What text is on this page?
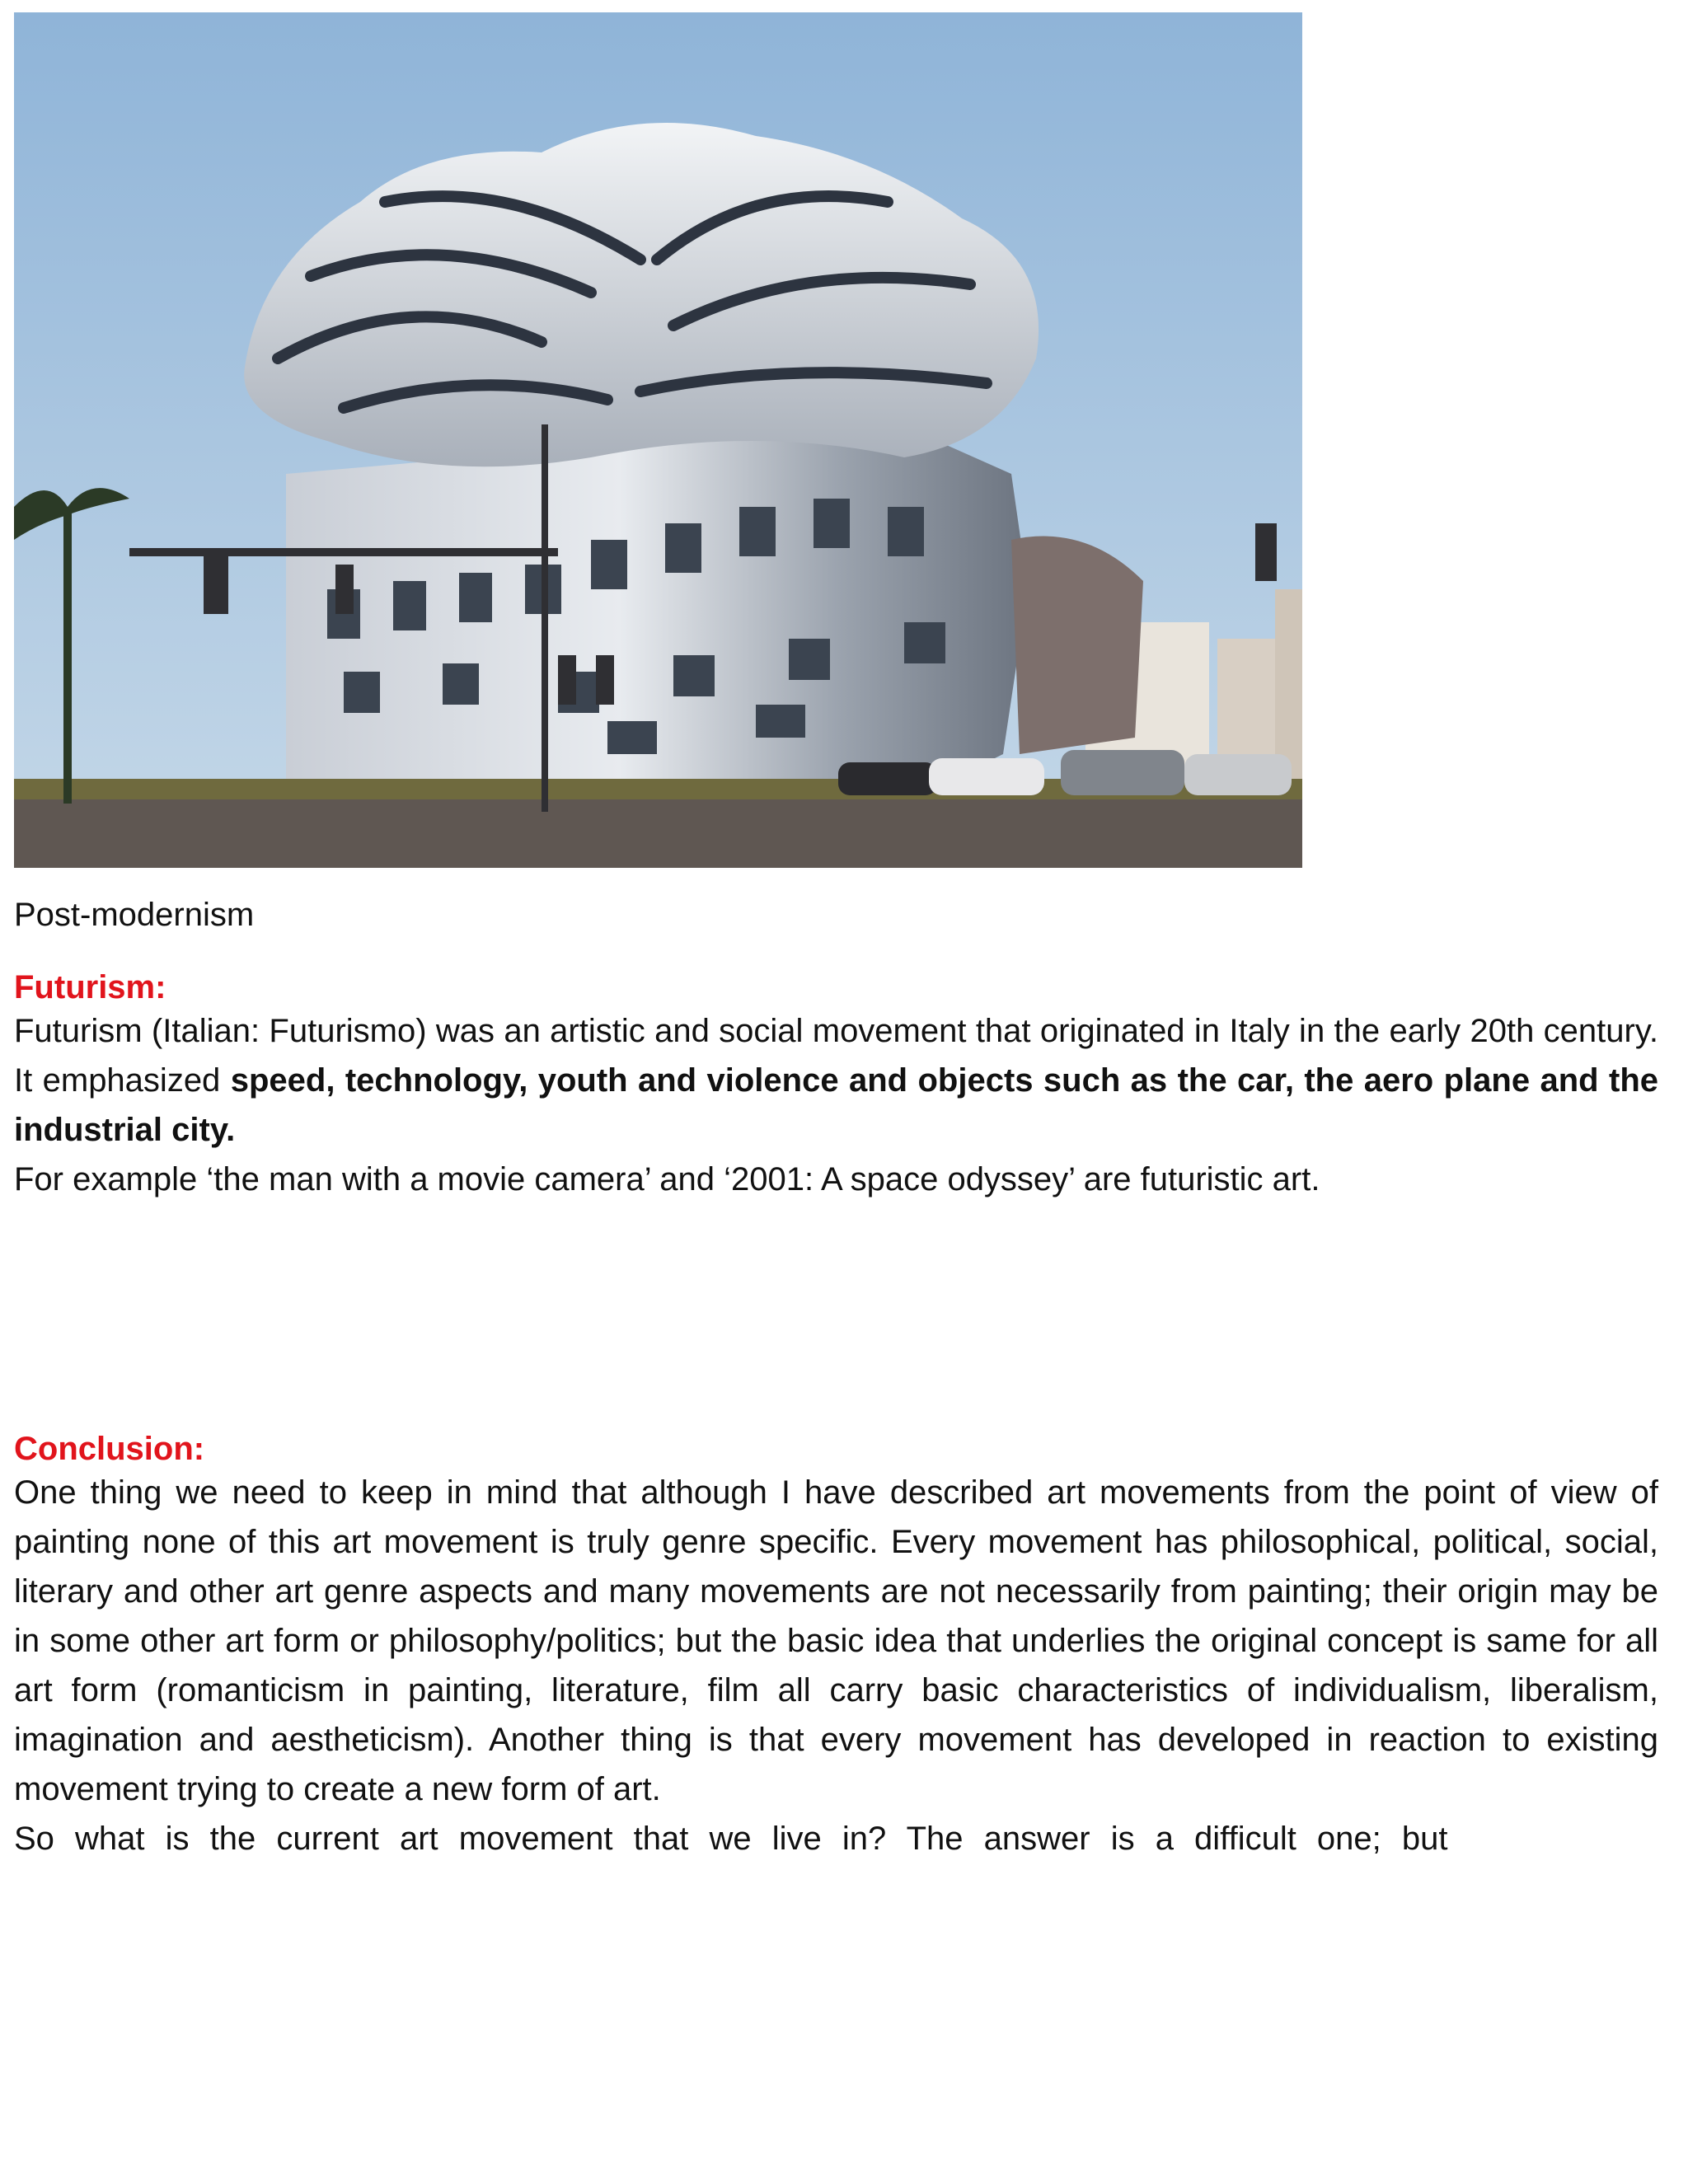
Post-modernism
Futurism:

Futurism (Italian: Futurismo) was an artistic and social movement that originated in Italy in the early 20th century. It emphasized speed, technology, youth and violence and objects such as the car, the aero plane and the industrial city.

For example ‘the man with a movie camera’ and ‘2001: A space odyssey’ are futuristic art.

Conclusion:

One thing we need to keep in mind that although I have described art movements from the point of view of painting none of this art movement is truly genre specific. Every movement has philosophical, political, social, literary and other art genre aspects and many movements are not necessarily from painting; their origin may be in some other art form or philosophy/politics; but the basic idea that underlies the original concept is same for all art form (romanticism in painting, literature, film all carry basic characteristics of individualism, liberalism, imagination and aestheticism). Another thing is that every movement has developed in reaction to existing movement trying to create a new form of art.

So what is the current art movement that we live in? The answer is a difficult one; but
